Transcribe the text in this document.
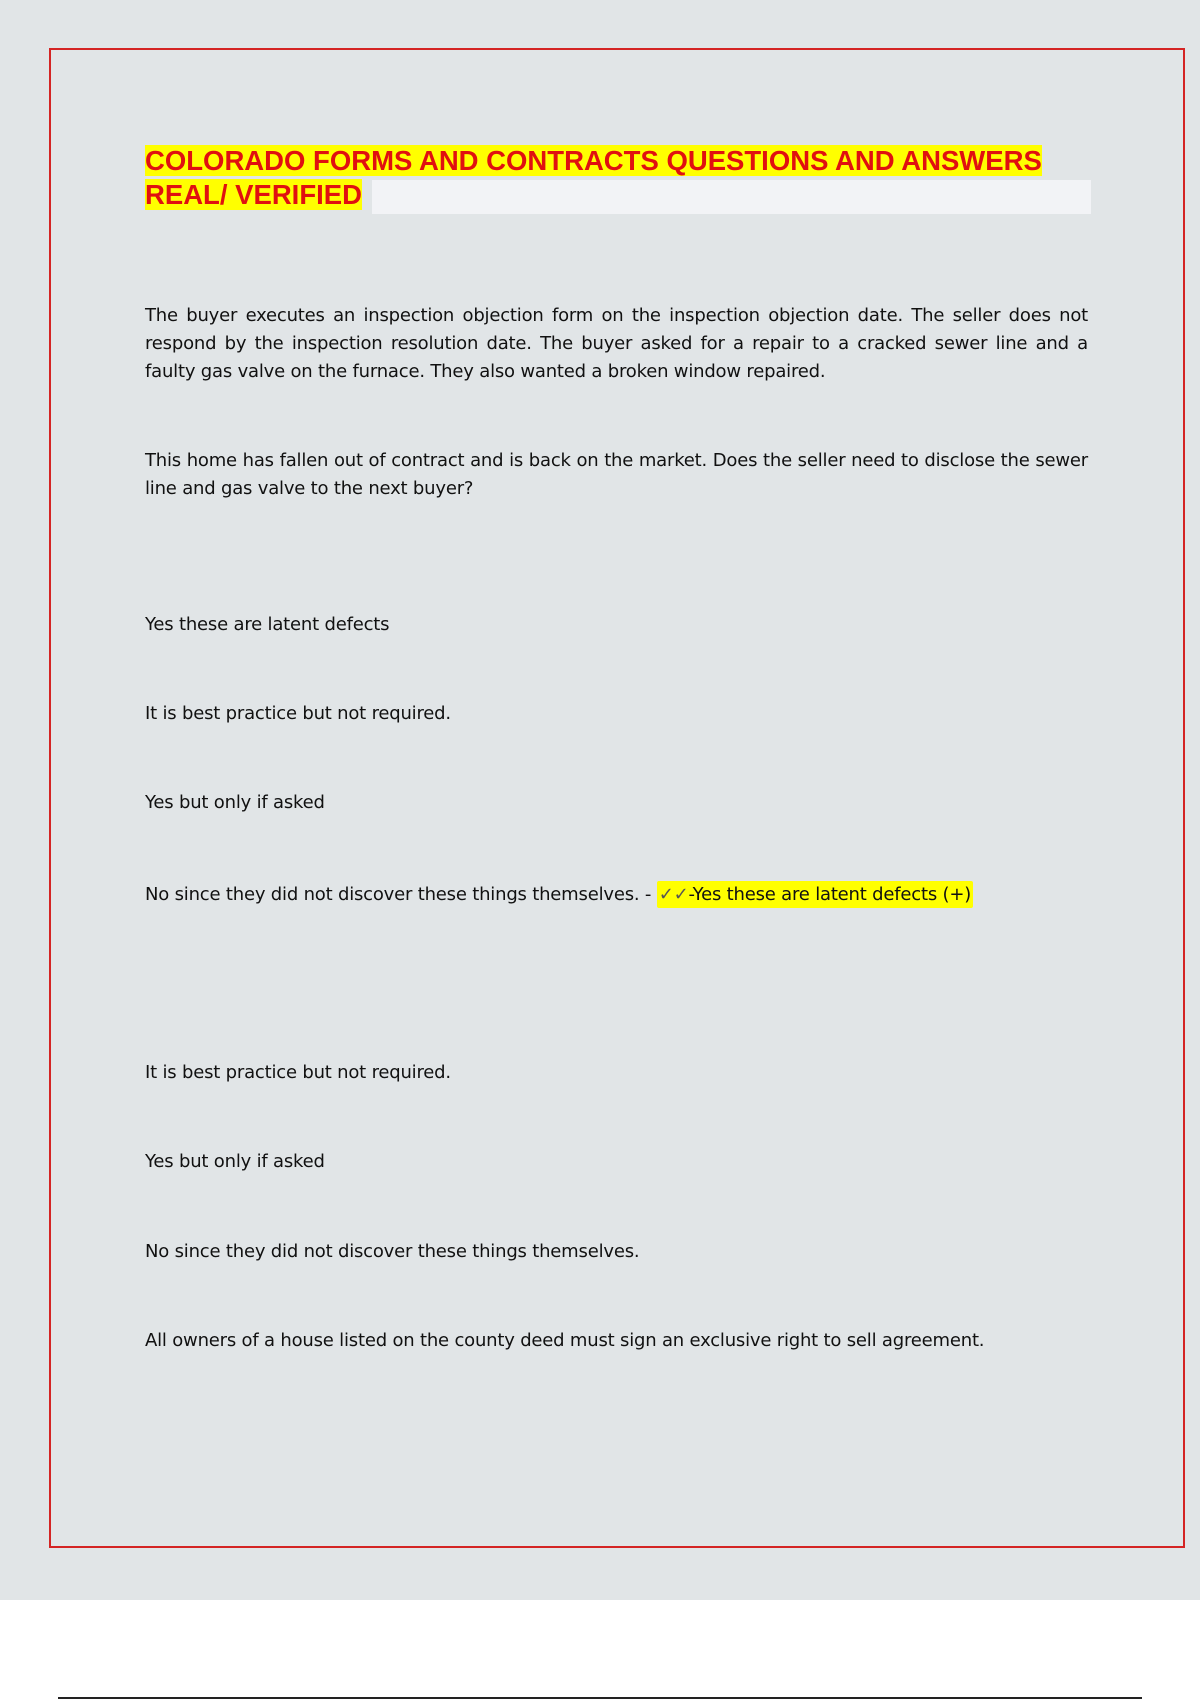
COLORADO FORMS AND CONTRACTS QUESTIONS AND ANSWERS
REAL/ VERIFIED

The buyer executes an inspection objection form on the inspection objection date. The seller does not respond by the inspection resolution date. The buyer asked for a repair to a cracked sewer line and a faulty gas valve on the furnace. They also wanted a broken window repaired.

This home has fallen out of contract and is back on the market. Does the seller need to disclose the sewer line and gas valve to the next buyer?

Yes these are latent defects

It is best practice but not required.

Yes but only if asked

No since they did not discover these things themselves. - ✓✓-Yes these are latent defects (+)

It is best practice but not required.

Yes but only if asked

No since they did not discover these things themselves.

All owners of a house listed on the county deed must sign an exclusive right to sell agreement.
